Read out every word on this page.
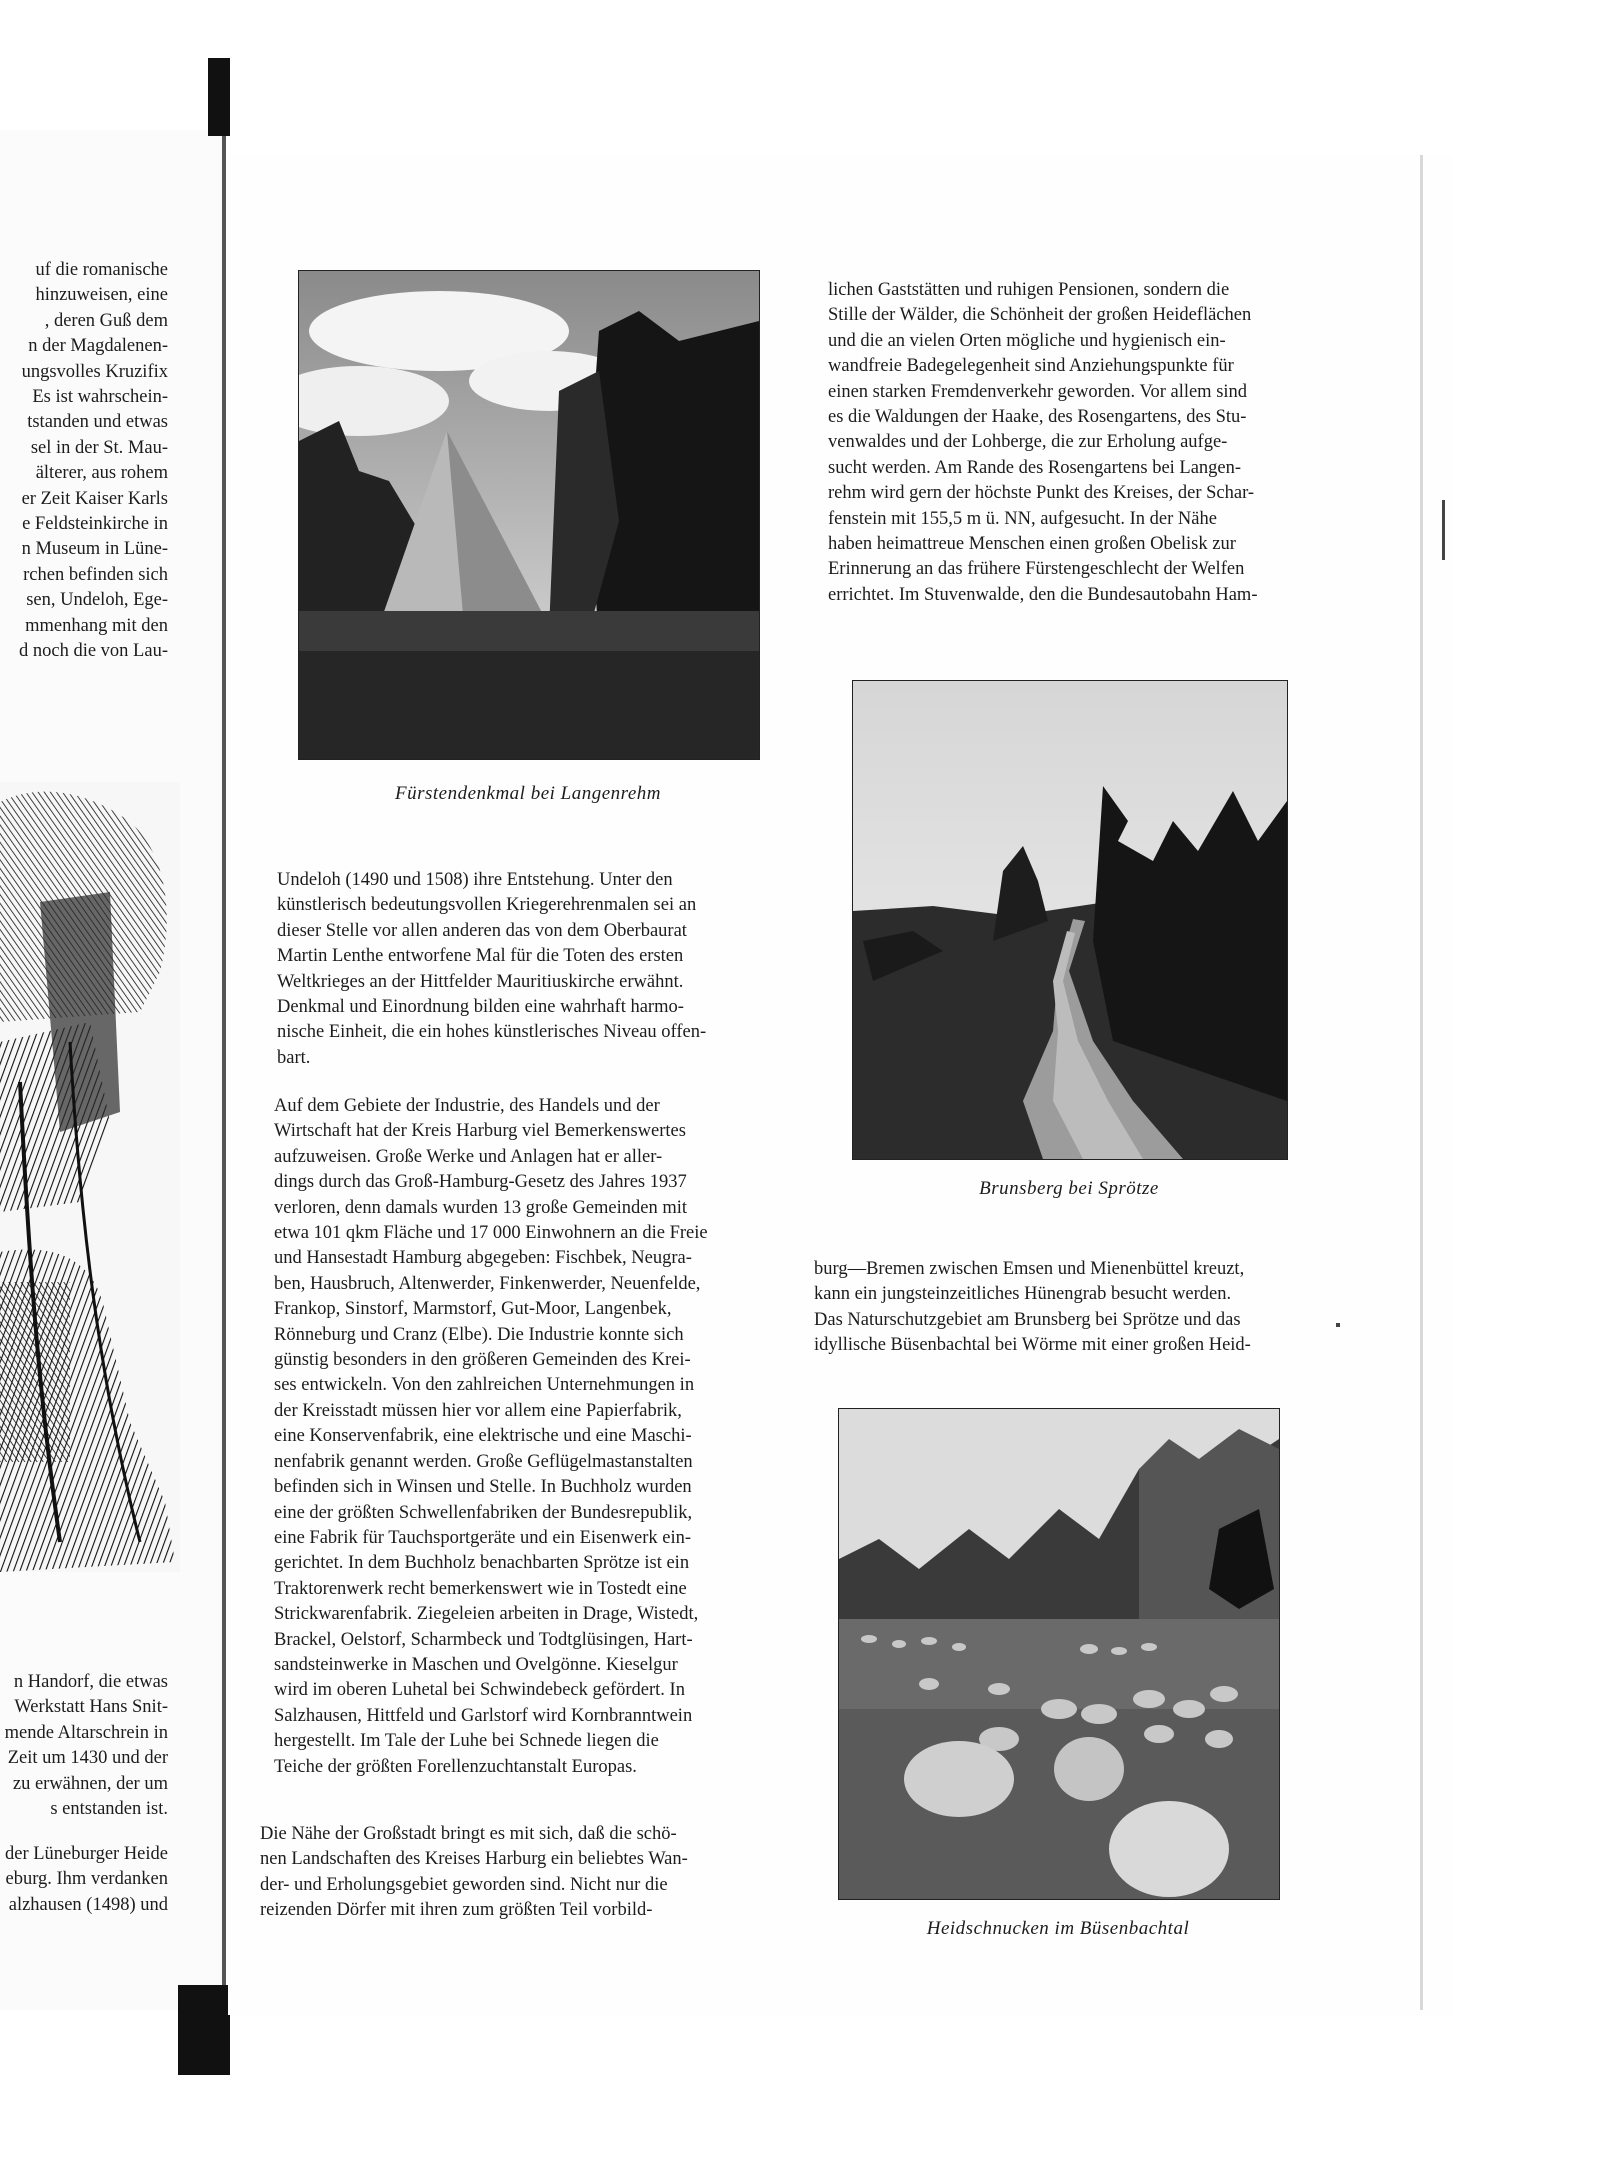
uf die romanische
hinzuweisen, eine
, deren Guß dem
n der Magdalenen-
ungsvolles Kruzifix
Es ist wahrschein-
tstanden und etwas
sel in der St. Mau-
älterer, aus rohem
er Zeit Kaiser Karls
e Feldsteinkirche in
n Museum in Lüne-
rchen befinden sich
sen, Undeloh, Ege-
mmenhang mit den
d noch die von Lau-
n Handorf, die etwas
Werkstatt Hans Snit-
mende Altarschrein in
Zeit um 1430 und der
zu erwähnen, der um
s entstanden ist.
der Lüneburger Heide
eburg. Ihm verdanken
alzhausen (1498) und
Fürstendenkmal bei Langenrehm

Undeloh (1490 und 1508) ihre Entstehung. Unter den
künstlerisch bedeutungsvollen Kriegerehrenmalen sei an
dieser Stelle vor allen anderen das von dem Oberbaurat
Martin Lenthe entworfene Mal für die Toten des ersten
Weltkrieges an der Hittfelder Mauritiuskirche erwähnt.
Denkmal und Einordnung bilden eine wahrhaft harmo-
nische Einheit, die ein hohes künstlerisches Niveau offen-
bart.

Auf dem Gebiete der Industrie, des Handels und der
Wirtschaft hat der Kreis Harburg viel Bemerkenswertes
aufzuweisen. Große Werke und Anlagen hat er aller-
dings durch das Groß-Hamburg-Gesetz des Jahres 1937
verloren, denn damals wurden 13 große Gemeinden mit
etwa 101 qkm Fläche und 17 000 Einwohnern an die Freie
und Hansestadt Hamburg abgegeben: Fischbek, Neugra-
ben, Hausbruch, Altenwerder, Finkenwerder, Neuenfelde,
Frankop, Sinstorf, Marmstorf, Gut-Moor, Langenbek,
Rönneburg und Cranz (Elbe). Die Industrie konnte sich
günstig besonders in den größeren Gemeinden des Krei-
ses entwickeln. Von den zahlreichen Unternehmungen in
der Kreisstadt müssen hier vor allem eine Papierfabrik,
eine Konservenfabrik, eine elektrische und eine Maschi-
nenfabrik genannt werden. Große Geflügelmastanstalten
befinden sich in Winsen und Stelle. In Buchholz wurden
eine der größten Schwellenfabriken der Bundesrepublik,
eine Fabrik für Tauchsportgeräte und ein Eisenwerk ein-
gerichtet. In dem Buchholz benachbarten Sprötze ist ein
Traktorenwerk recht bemerkenswert wie in Tostedt eine
Strickwarenfabrik. Ziegeleien arbeiten in Drage, Wistedt,
Brackel, Oelstorf, Scharmbeck und Todtglüsingen, Hart-
sandsteinwerke in Maschen und Ovelgönne. Kieselgur
wird im oberen Luhetal bei Schwindebeck gefördert. In
Salzhausen, Hittfeld und Garlstorf wird Kornbranntwein
hergestellt. Im Tale der Luhe bei Schnede liegen die
Teiche der größten Forellenzuchtanstalt Europas.

Die Nähe der Großstadt bringt es mit sich, daß die schö-
nen Landschaften des Kreises Harburg ein beliebtes Wan-
der- und Erholungsgebiet geworden sind. Nicht nur die
reizenden Dörfer mit ihren zum größten Teil vorbild-

lichen Gaststätten und ruhigen Pensionen, sondern die
Stille der Wälder, die Schönheit der großen Heideflächen
und die an vielen Orten mögliche und hygienisch ein-
wandfreie Badegelegenheit sind Anziehungspunkte für
einen starken Fremdenverkehr geworden. Vor allem sind
es die Waldungen der Haake, des Rosengartens, des Stu-
venwaldes und der Lohberge, die zur Erholung aufge-
sucht werden. Am Rande des Rosengartens bei Langen-
rehm wird gern der höchste Punkt des Kreises, der Schar-
fenstein mit 155,5 m ü. NN, aufgesucht. In der Nähe
haben heimattreue Menschen einen großen Obelisk zur
Erinnerung an das frühere Fürstengeschlecht der Welfen
errichtet. Im Stuvenwalde, den die Bundesautobahn Ham-

Brunsberg bei Sprötze

burg—Bremen zwischen Emsen und Mienenbüttel kreuzt,
kann ein jungsteinzeitliches Hünengrab besucht werden.
Das Naturschutzgebiet am Brunsberg bei Sprötze und das
idyllische Büsenbachtal bei Wörme mit einer großen Heid-

Heidschnucken im Büsenbachtal
